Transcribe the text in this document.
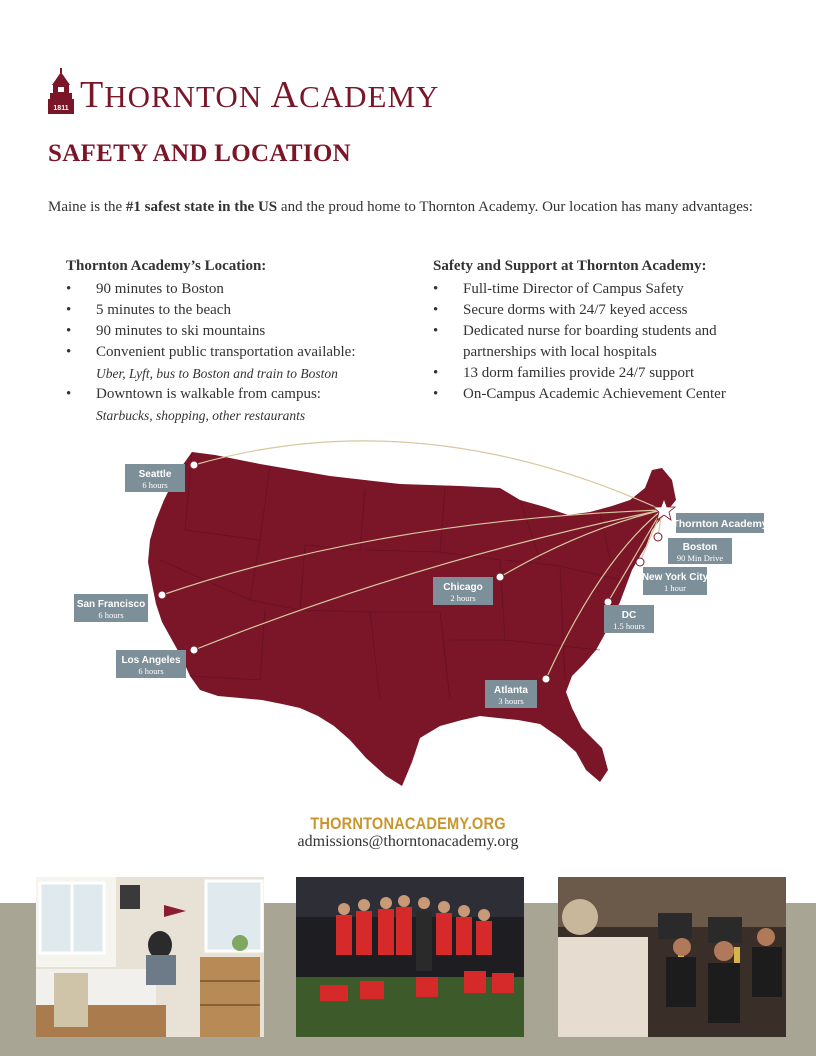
1811 THORNTON ACADEMY
SAFETY AND LOCATION

Maine is the #1 safest state in the US and the proud home to Thornton Academy. Our location has many advantages:

Thornton Academy’s Location:
• 90 minutes to Boston
• 5 minutes to the beach
• 90 minutes to ski mountains
• Convenient public transportation available:
Uber, Lyft, bus to Boston and train to Boston
• Downtown is walkable from campus:
Starbucks, shopping, other restaurants
Safety and Support at Thornton Academy:
• Full-time Director of Campus Safety
• Secure dorms with 24/7 keyed access
• Dedicated nurse for boarding students and partnerships with local hospitals
• 13 dorm families provide 24/7 support
• On-Campus Academic Achievement Center
Thornton Academy
Seattle
6 hours
San Francisco
6 hours
Los Angeles
6 hours
Chicago
2 hours
Boston
90 Min Drive
New York City
1 hour
DC
1.5 hours
Atlanta
3 hours
THORNTONACADEMY.ORG
admissions@thorntonacademy.org
